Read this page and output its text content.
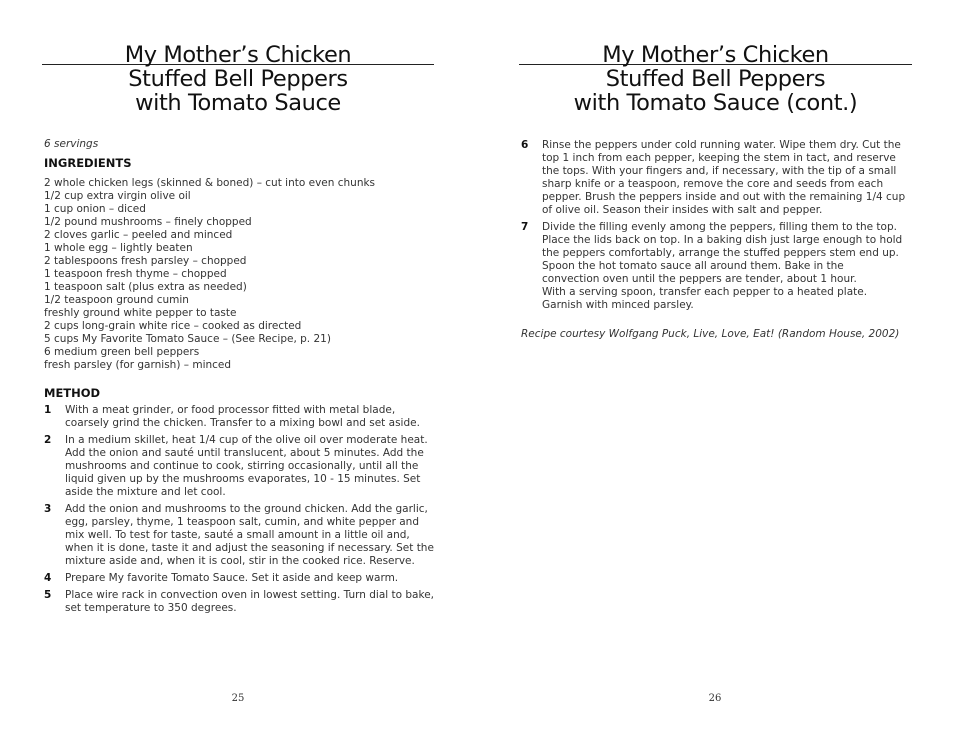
My Mother’s Chicken
Stuffed Bell Peppers
with Tomato Sauce
6 servings
INGREDIENTS
2 whole chicken legs (skinned & boned) – cut into even chunks
1/2 cup extra virgin olive oil
1 cup onion – diced
1/2 pound mushrooms – finely chopped
2 cloves garlic – peeled and minced
1 whole egg – lightly beaten
2 tablespoons fresh parsley – chopped
1 teaspoon fresh thyme – chopped
1 teaspoon salt (plus extra as needed)
1/2 teaspoon ground cumin
freshly ground white pepper to taste
2 cups long-grain white rice – cooked as directed
5 cups My Favorite Tomato Sauce – (See Recipe, p. 21)
6 medium green bell peppers
fresh parsley (for garnish) – minced
METHOD
1	With a meat grinder, or food processor fitted with metal blade,
coarsely grind the chicken. Transfer to a mixing bowl and set aside.
2	In a medium skillet, heat 1/4 cup of the olive oil over moderate heat.
Add the onion and sauté until translucent, about 5 minutes. Add the
mushrooms and continue to cook, stirring occasionally, until all the
liquid given up by the mushrooms evaporates, 10 - 15 minutes. Set
aside the mixture and let cool.
3	Add the onion and mushrooms to the ground chicken. Add the garlic,
egg, parsley, thyme, 1 teaspoon salt, cumin, and white pepper and
mix well. To test for taste, sauté a small amount in a little oil and,
when it is done, taste it and adjust the seasoning if necessary. Set the
mixture aside and, when it is cool, stir in the cooked rice. Reserve.
4	Prepare My favorite Tomato Sauce. Set it aside and keep warm.
5	Place wire rack in convection oven in lowest setting. Turn dial to bake,
set temperature to 350 degrees.
25
My Mother’s Chicken
Stuffed Bell Peppers
with Tomato Sauce (cont.)
6	Rinse the peppers under cold running water. Wipe them dry. Cut the
top 1 inch from each pepper, keeping the stem in tact, and reserve
the tops. With your fingers and, if necessary, with the tip of a small
sharp knife or a teaspoon, remove the core and seeds from each
pepper. Brush the peppers inside and out with the remaining 1/4 cup
of olive oil. Season their insides with salt and pepper.
7	Divide the filling evenly among the peppers, filling them to the top.
Place the lids back on top. In a baking dish just large enough to hold
the peppers comfortably, arrange the stuffed peppers stem end up.
Spoon the hot tomato sauce all around them. Bake in the
convection oven until the peppers are tender, about 1 hour.
With a serving spoon, transfer each pepper to a heated plate.
Garnish with minced parsley.
Recipe courtesy Wolfgang Puck, Live, Love, Eat! (Random House, 2002)
26
